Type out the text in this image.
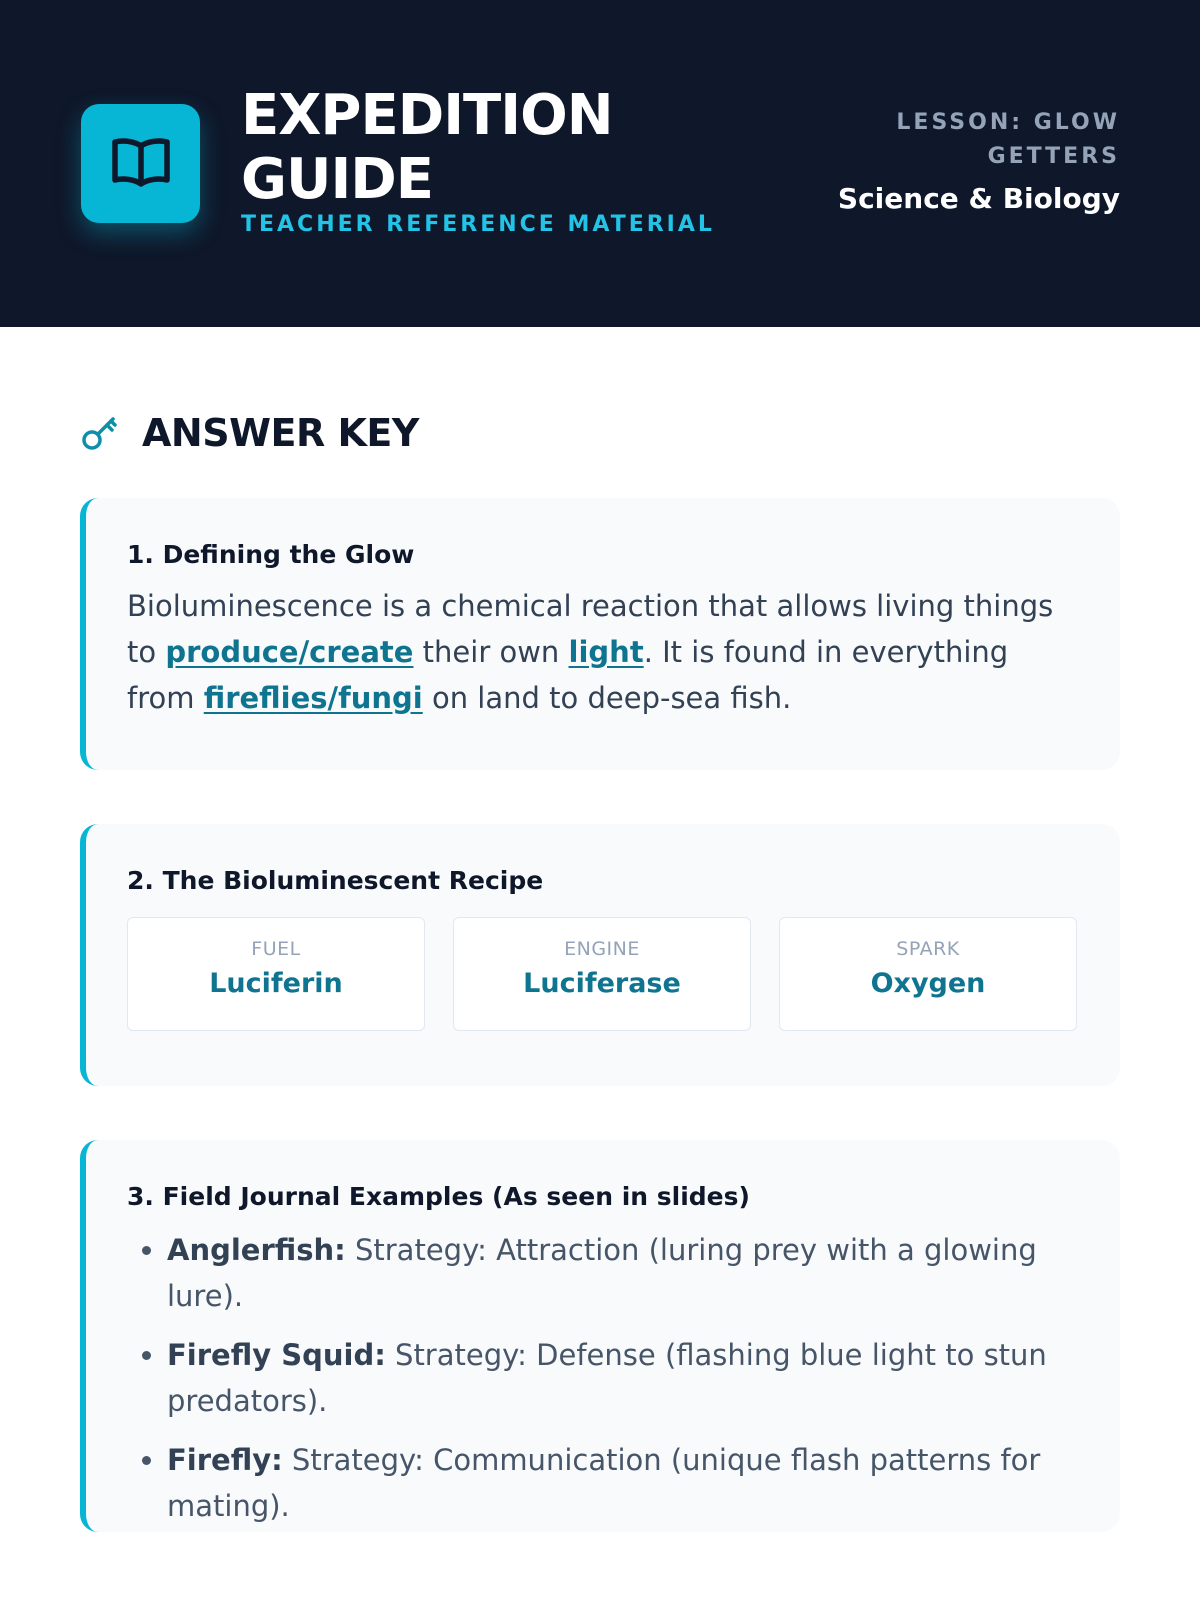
EXPEDITION GUIDE
TEACHER REFERENCE MATERIAL
LESSON: GLOW GETTERS
Science & Biology
ANSWER KEY
1. Defining the Glow

Bioluminescence is a chemical reaction that allows living things to produce/create their own light. It is found in everything from fireflies/fungi on land to deep-sea fish.

2. The Bioluminescent Recipe
FUEL
Luciferin
ENGINE
Luciferase
SPARK
Oxygen
3. Field Journal Examples (As seen in slides)
• Anglerfish: Strategy: Attraction (luring prey with a glowing lure).
• Firefly Squid: Strategy: Defense (flashing blue light to stun predators).
• Firefly: Strategy: Communication (unique flash patterns for mating).
